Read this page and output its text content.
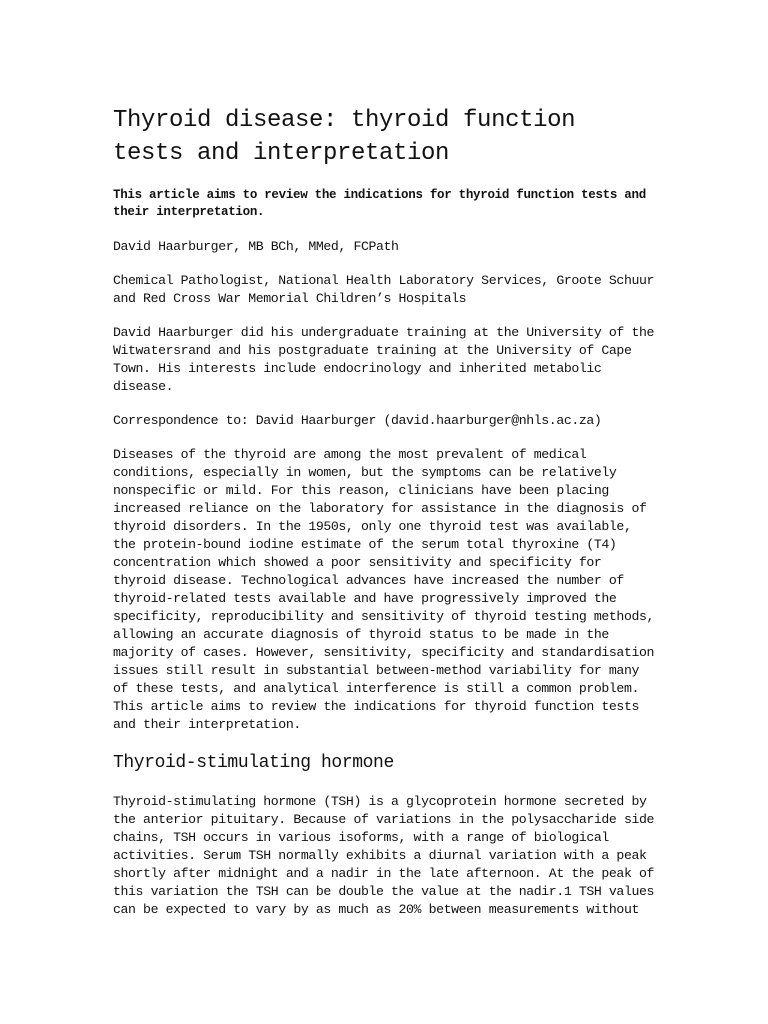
Thyroid disease: thyroid function
tests and interpretation
This article aims to review the indications for thyroid function tests and their interpretation.

David Haarburger, MB BCh, MMed, FCPath

Chemical Pathologist, National Health Laboratory Services, Groote Schuur and Red Cross War Memorial Children’s Hospitals

David Haarburger did his undergraduate training at the University of the Witwatersrand and his postgraduate training at the University of Cape Town. His interests include endocrinology and inherited metabolic disease.

Correspondence to: David Haarburger (david.haarburger@nhls.ac.za)

Diseases of the thyroid are among the most prevalent of medical conditions, especially in women, but the symptoms can be relatively nonspecific or mild. For this reason, clinicians have been placing increased reliance on the laboratory for assistance in the diagnosis of thyroid disorders. In the 1950s, only one thyroid test was available, the protein-bound iodine estimate of the serum total thyroxine (T4) concentration which showed a poor sensitivity and specificity for thyroid disease. Technological advances have increased the number of thyroid-related tests available and have progressively improved the specificity, reproducibility and sensitivity of thyroid testing methods, allowing an accurate diagnosis of thyroid status to be made in the majority of cases. However, sensitivity, specificity and standardisation issues still result in substantial between-method variability for many of these tests, and analytical interference is still a common problem. This article aims to review the indications for thyroid function tests and their interpretation.

Thyroid-stimulating hormone

Thyroid-stimulating hormone (TSH) is a glycoprotein hormone secreted by the anterior pituitary. Because of variations in the polysaccharide side chains, TSH occurs in various isoforms, with a range of biological activities. Serum TSH normally exhibits a diurnal variation with a peak shortly after midnight and a nadir in the late afternoon. At the peak of this variation the TSH can be double the value at the nadir.1 TSH values can be expected to vary by as much as 20% between measurements without
